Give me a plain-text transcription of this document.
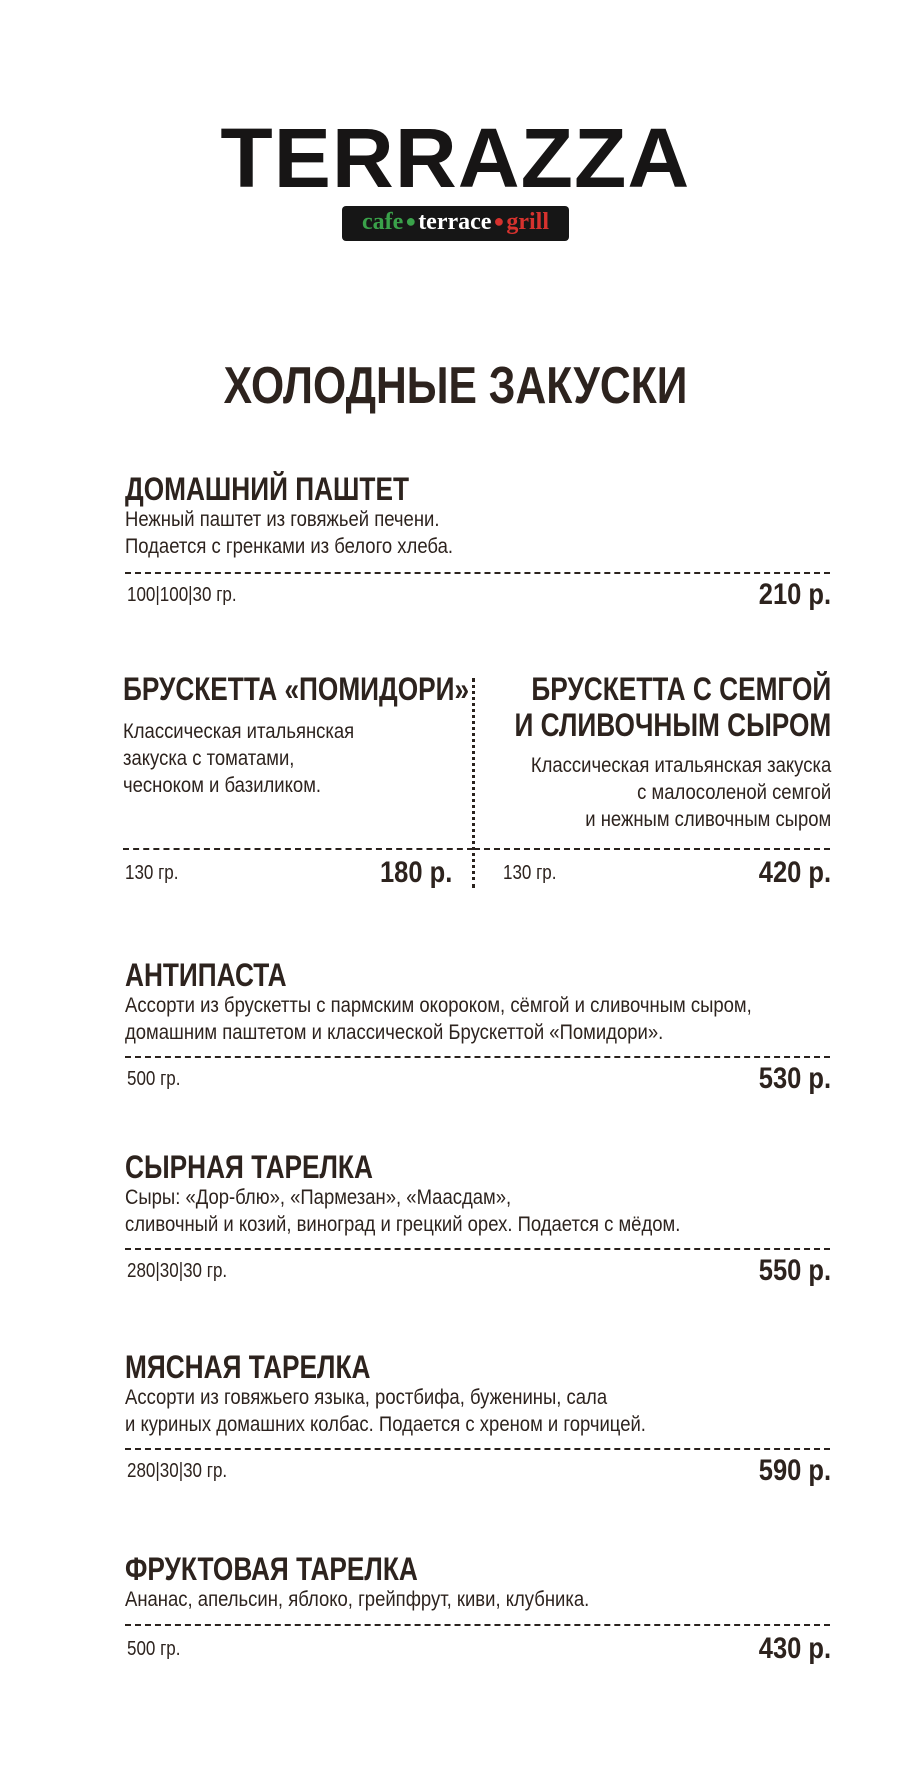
TERRAZZA
cafe ●terrace ●grill
ХОЛОДНЫЕ ЗАКУСКИ
ДОМАШНИЙ ПАШТЕТ
Нежный паштет из говяжьей печени.
Подается с гренками из белого хлеба.
100|100|30 гр.	210 р.
БРУСКЕТТА «ПОМИДОРИ»
Классическая итальянская
закуска с томатами,
чесноком и базиликом.
130 гр.	180 р.
БРУСКЕТТА С СЕМГОЙ
И СЛИВОЧНЫМ СЫРОМ
Классическая итальянская закуска
с малосоленой семгой
и нежным сливочным сыром
130 гр.	420 р.
АНТИПАСТА
Ассорти из брускетты с пармским окороком, сёмгой и сливочным сыром,
домашним паштетом и классической Брускеттой «Помидори».
500 гр.	530 р.
СЫРНАЯ ТАРЕЛКА
Сыры: «Дор-блю», «Пармезан», «Маасдам»,
сливочный и козий, виноград и грецкий орех. Подается с мёдом.
280|30|30 гр.	550 р.
МЯСНАЯ ТАРЕЛКА
Ассорти из говяжьего языка, ростбифа, буженины, сала
и куриных домашних колбас. Подается с хреном и горчицей.
280|30|30 гр.	590 р.
ФРУКТОВАЯ ТАРЕЛКА
Ананас, апельсин, яблоко, грейпфрут, киви, клубника.
500 гр.	430 р.
